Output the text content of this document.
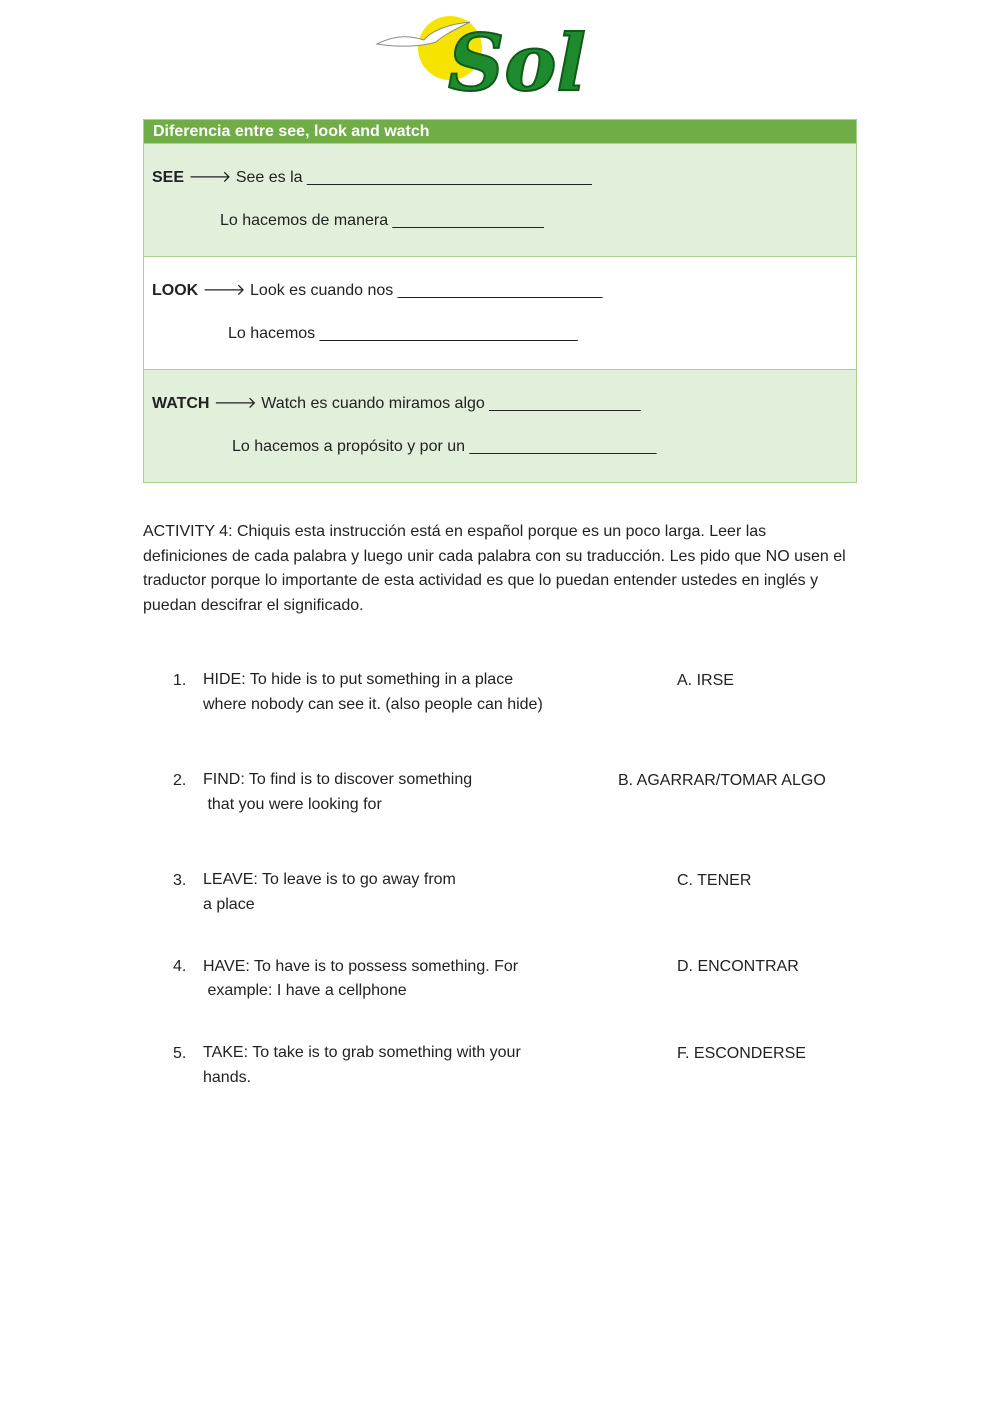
Sol
Diferencia entre see, look and watch
SEE 🡒 See es la ________________________________
Lo hacemos de manera _________________
LOOK 🡒 Look es cuando nos _______________________
Lo hacemos _____________________________
WATCH 🡒 Watch es cuando miramos algo _________________
Lo hacemos a propósito y por un _____________________
ACTIVITY 4: Chiquis esta instrucción está en español porque es un poco larga. Leer las definiciones de cada palabra y luego unir cada palabra con su traducción. Les pido que NO usen el traductor porque lo importante de esta actividad es que lo puedan entender ustedes en inglés y puedan descifrar el significado.
1. HIDE: To hide is to put something in a place
where nobody can see it. (also people can hide)
A. IRSE
2. FIND: To find is to discover something
that you were looking for
B. AGARRAR/TOMAR ALGO
3. LEAVE: To leave is to go away from
a place
C. TENER
4. HAVE: To have is to possess something. For
example: I have a cellphone
D. ENCONTRAR
5. TAKE: To take is to grab something with your
hands.
F. ESCONDERSE
